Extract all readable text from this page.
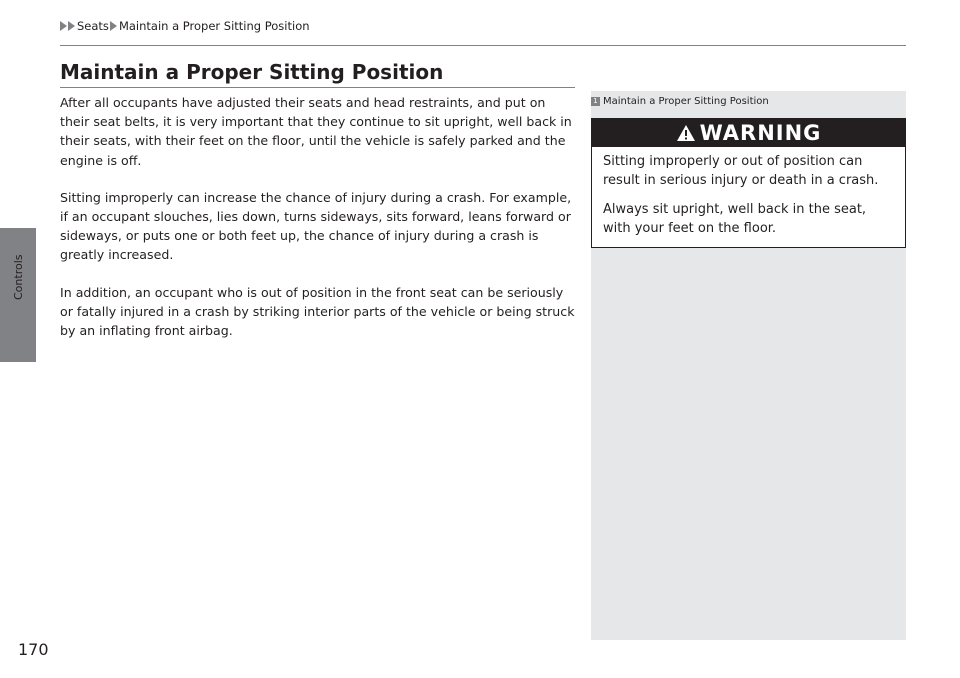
Controls
Seats Maintain a Proper Sitting Position
Maintain a Proper Sitting Position

After all occupants have adjusted their seats and head restraints, and put on their seat belts, it is very important that they continue to sit upright, well back in their seats, with their feet on the floor, until the vehicle is safely parked and the engine is off.

Sitting improperly can increase the chance of injury during a crash. For example, if an occupant slouches, lies down, turns sideways, sits forward, leans forward or sideways, or puts one or both feet up, the chance of injury during a crash is greatly increased.

In addition, an occupant who is out of position in the front seat can be seriously or fatally injured in a crash by striking interior parts of the vehicle or being struck by an inflating front airbag.

1 Maintain a Proper Sitting Position
WARNING

Sitting improperly or out of position can result in serious injury or death in a crash.

Always sit upright, well back in the seat, with your feet on the floor.

170
